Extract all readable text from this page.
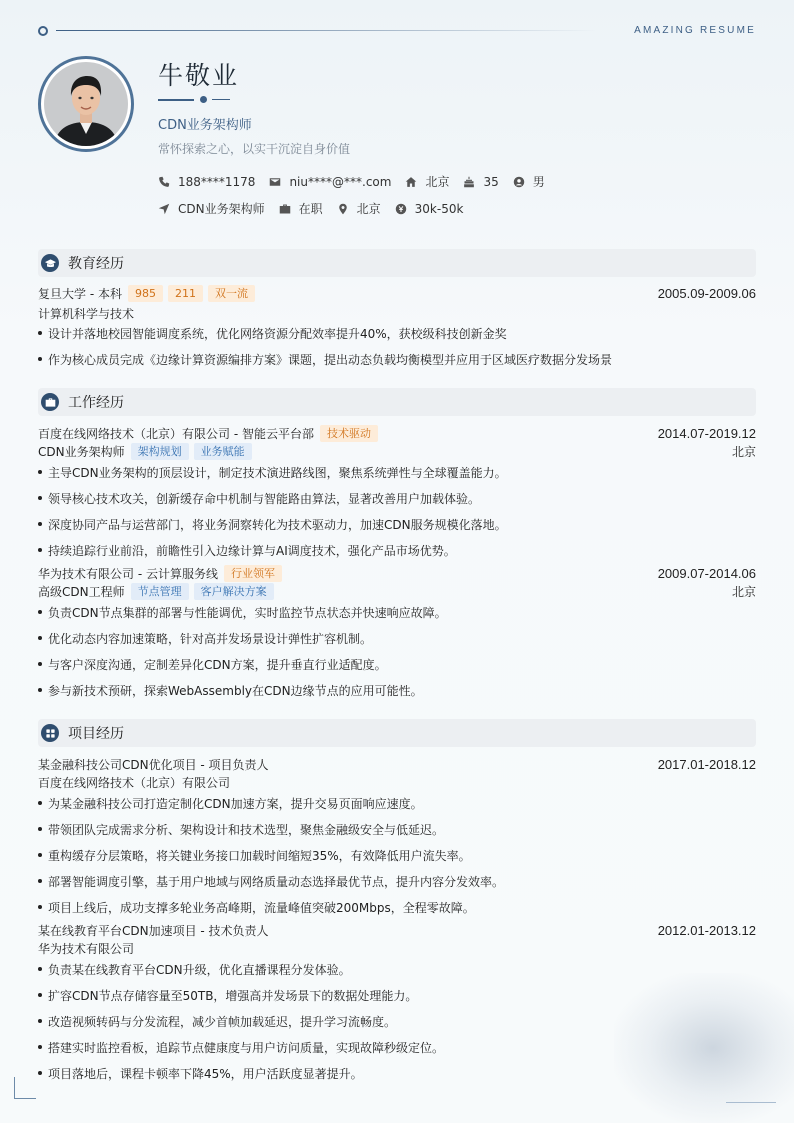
AMAZING RESUME
牛敬业
CDN业务架构师
常怀探索之心，以实干沉淀自身价值
188****1178	niu****@***.com	北京	35	男
CDN业务架构师	在职	北京	30k-50k
教育经历
复旦大学 - 本科	985	211	双一流	2005.09-2009.06
计算机科学与技术
设计并落地校园智能调度系统，优化网络资源分配效率提升40%，获校级科技创新金奖
作为核心成员完成《边缘计算资源编排方案》课题，提出动态负载均衡模型并应用于区域医疗数据分发场景
工作经历
百度在线网络技术（北京）有限公司 - 智能云平台部	技术驱动	2014.07-2019.12
CDN业务架构师	架构规划	业务赋能	北京
主导CDN业务架构的顶层设计，制定技术演进路线图，聚焦系统弹性与全球覆盖能力。
领导核心技术攻关，创新缓存命中机制与智能路由算法，显著改善用户加载体验。
深度协同产品与运营部门，将业务洞察转化为技术驱动力，加速CDN服务规模化落地。
持续追踪行业前沿，前瞻性引入边缘计算与AI调度技术，强化产品市场优势。
华为技术有限公司 - 云计算服务线	行业领军	2009.07-2014.06
高级CDN工程师	节点管理	客户解决方案	北京
负责CDN节点集群的部署与性能调优，实时监控节点状态并快速响应故障。
优化动态内容加速策略，针对高并发场景设计弹性扩容机制。
与客户深度沟通，定制差异化CDN方案，提升垂直行业适配度。
参与新技术预研，探索WebAssembly在CDN边缘节点的应用可能性。
项目经历
某金融科技公司CDN优化项目 - 项目负责人	2017.01-2018.12
百度在线网络技术（北京）有限公司
为某金融科技公司打造定制化CDN加速方案，提升交易页面响应速度。
带领团队完成需求分析、架构设计和技术选型，聚焦金融级安全与低延迟。
重构缓存分层策略，将关键业务接口加载时间缩短35%，有效降低用户流失率。
部署智能调度引擎，基于用户地域与网络质量动态选择最优节点，提升内容分发效率。
项目上线后，成功支撑多轮业务高峰期，流量峰值突破200Mbps，全程零故障。
某在线教育平台CDN加速项目 - 技术负责人	2012.01-2013.12
华为技术有限公司
负责某在线教育平台CDN升级，优化直播课程分发体验。
扩容CDN节点存储容量至50TB，增强高并发场景下的数据处理能力。
改造视频转码与分发流程，减少首帧加载延迟，提升学习流畅度。
搭建实时监控看板，追踪节点健康度与用户访问质量，实现故障秒级定位。
项目落地后，课程卡顿率下降45%，用户活跃度显著提升。
